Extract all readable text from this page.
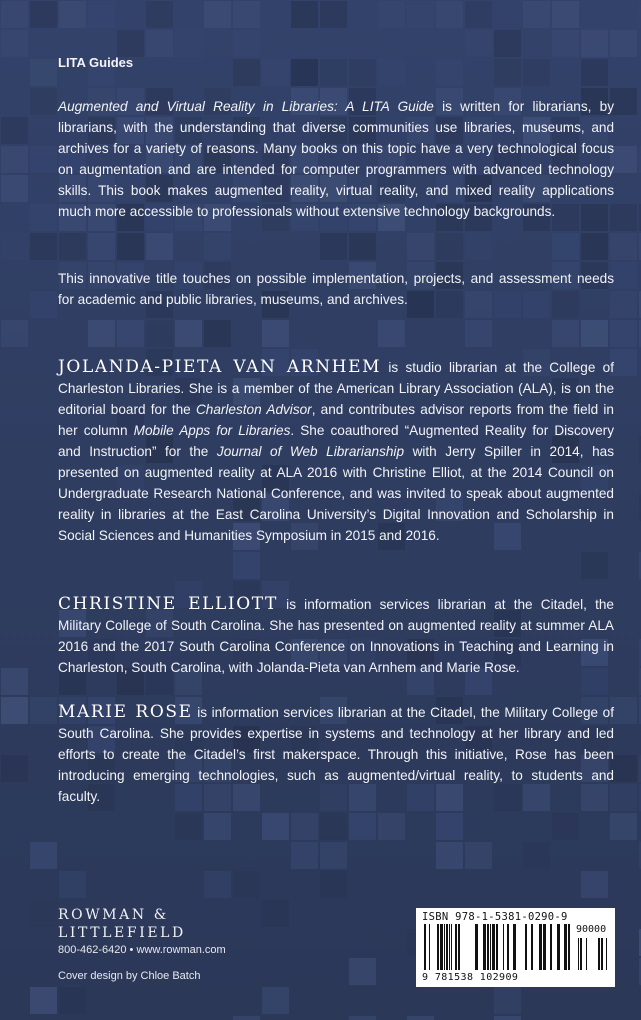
LITA Guides

Augmented and Virtual Reality in Libraries: A LITA Guide is written for librarians, by librarians, with the understanding that diverse communities use libraries, museums, and archives for a variety of reasons. Many books on this topic have a very technological focus on augmentation and are intended for computer programmers with advanced technology skills. This book makes augmented reality, virtual reality, and mixed reality applications much more accessible to professionals without extensive technology backgrounds.

This innovative title touches on possible implementation, projects, and assessment needs for academic and public libraries, museums, and archives.

JOLANDA-PIETA VAN ARNHEM is studio librarian at the College of Charleston Libraries. She is a member of the American Library Association (ALA), is on the editorial board for the Charleston Advisor, and contributes advisor reports from the field in her column Mobile Apps for Libraries. She coauthored “Augmented Reality for Discovery and Instruction” for the Journal of Web Librarianship with Jerry Spiller in 2014, has presented on augmented reality at ALA 2016 with Christine Elliot, at the 2014 Council on Undergraduate Research National Conference, and was invited to speak about augmented reality in libraries at the East Carolina University’s Digital Innovation and Scholarship in Social Sciences and Humanities Symposium in 2015 and 2016.

CHRISTINE ELLIOTT is information services librarian at the Citadel, the Military College of South Carolina. She has presented on augmented reality at summer ALA 2016 and the 2017 South Carolina Conference on Innovations in Teaching and Learning in Charleston, South Carolina, with Jolanda-Pieta van Arnhem and Marie Rose.

MARIE ROSE is information services librarian at the Citadel, the Military College of South Carolina. She provides expertise in systems and technology at her library and led efforts to create the Citadel’s first makerspace. Through this initiative, Rose has been introducing emerging technologies, such as augmented/virtual reality, to students and faculty.

ROWMAN &
LITTLEFIELD
800-462-6420 • www.rowman.com
Cover design by Chloe Batch
ISBN 978-1-5381-0290-9
90000
9 781538 102909
